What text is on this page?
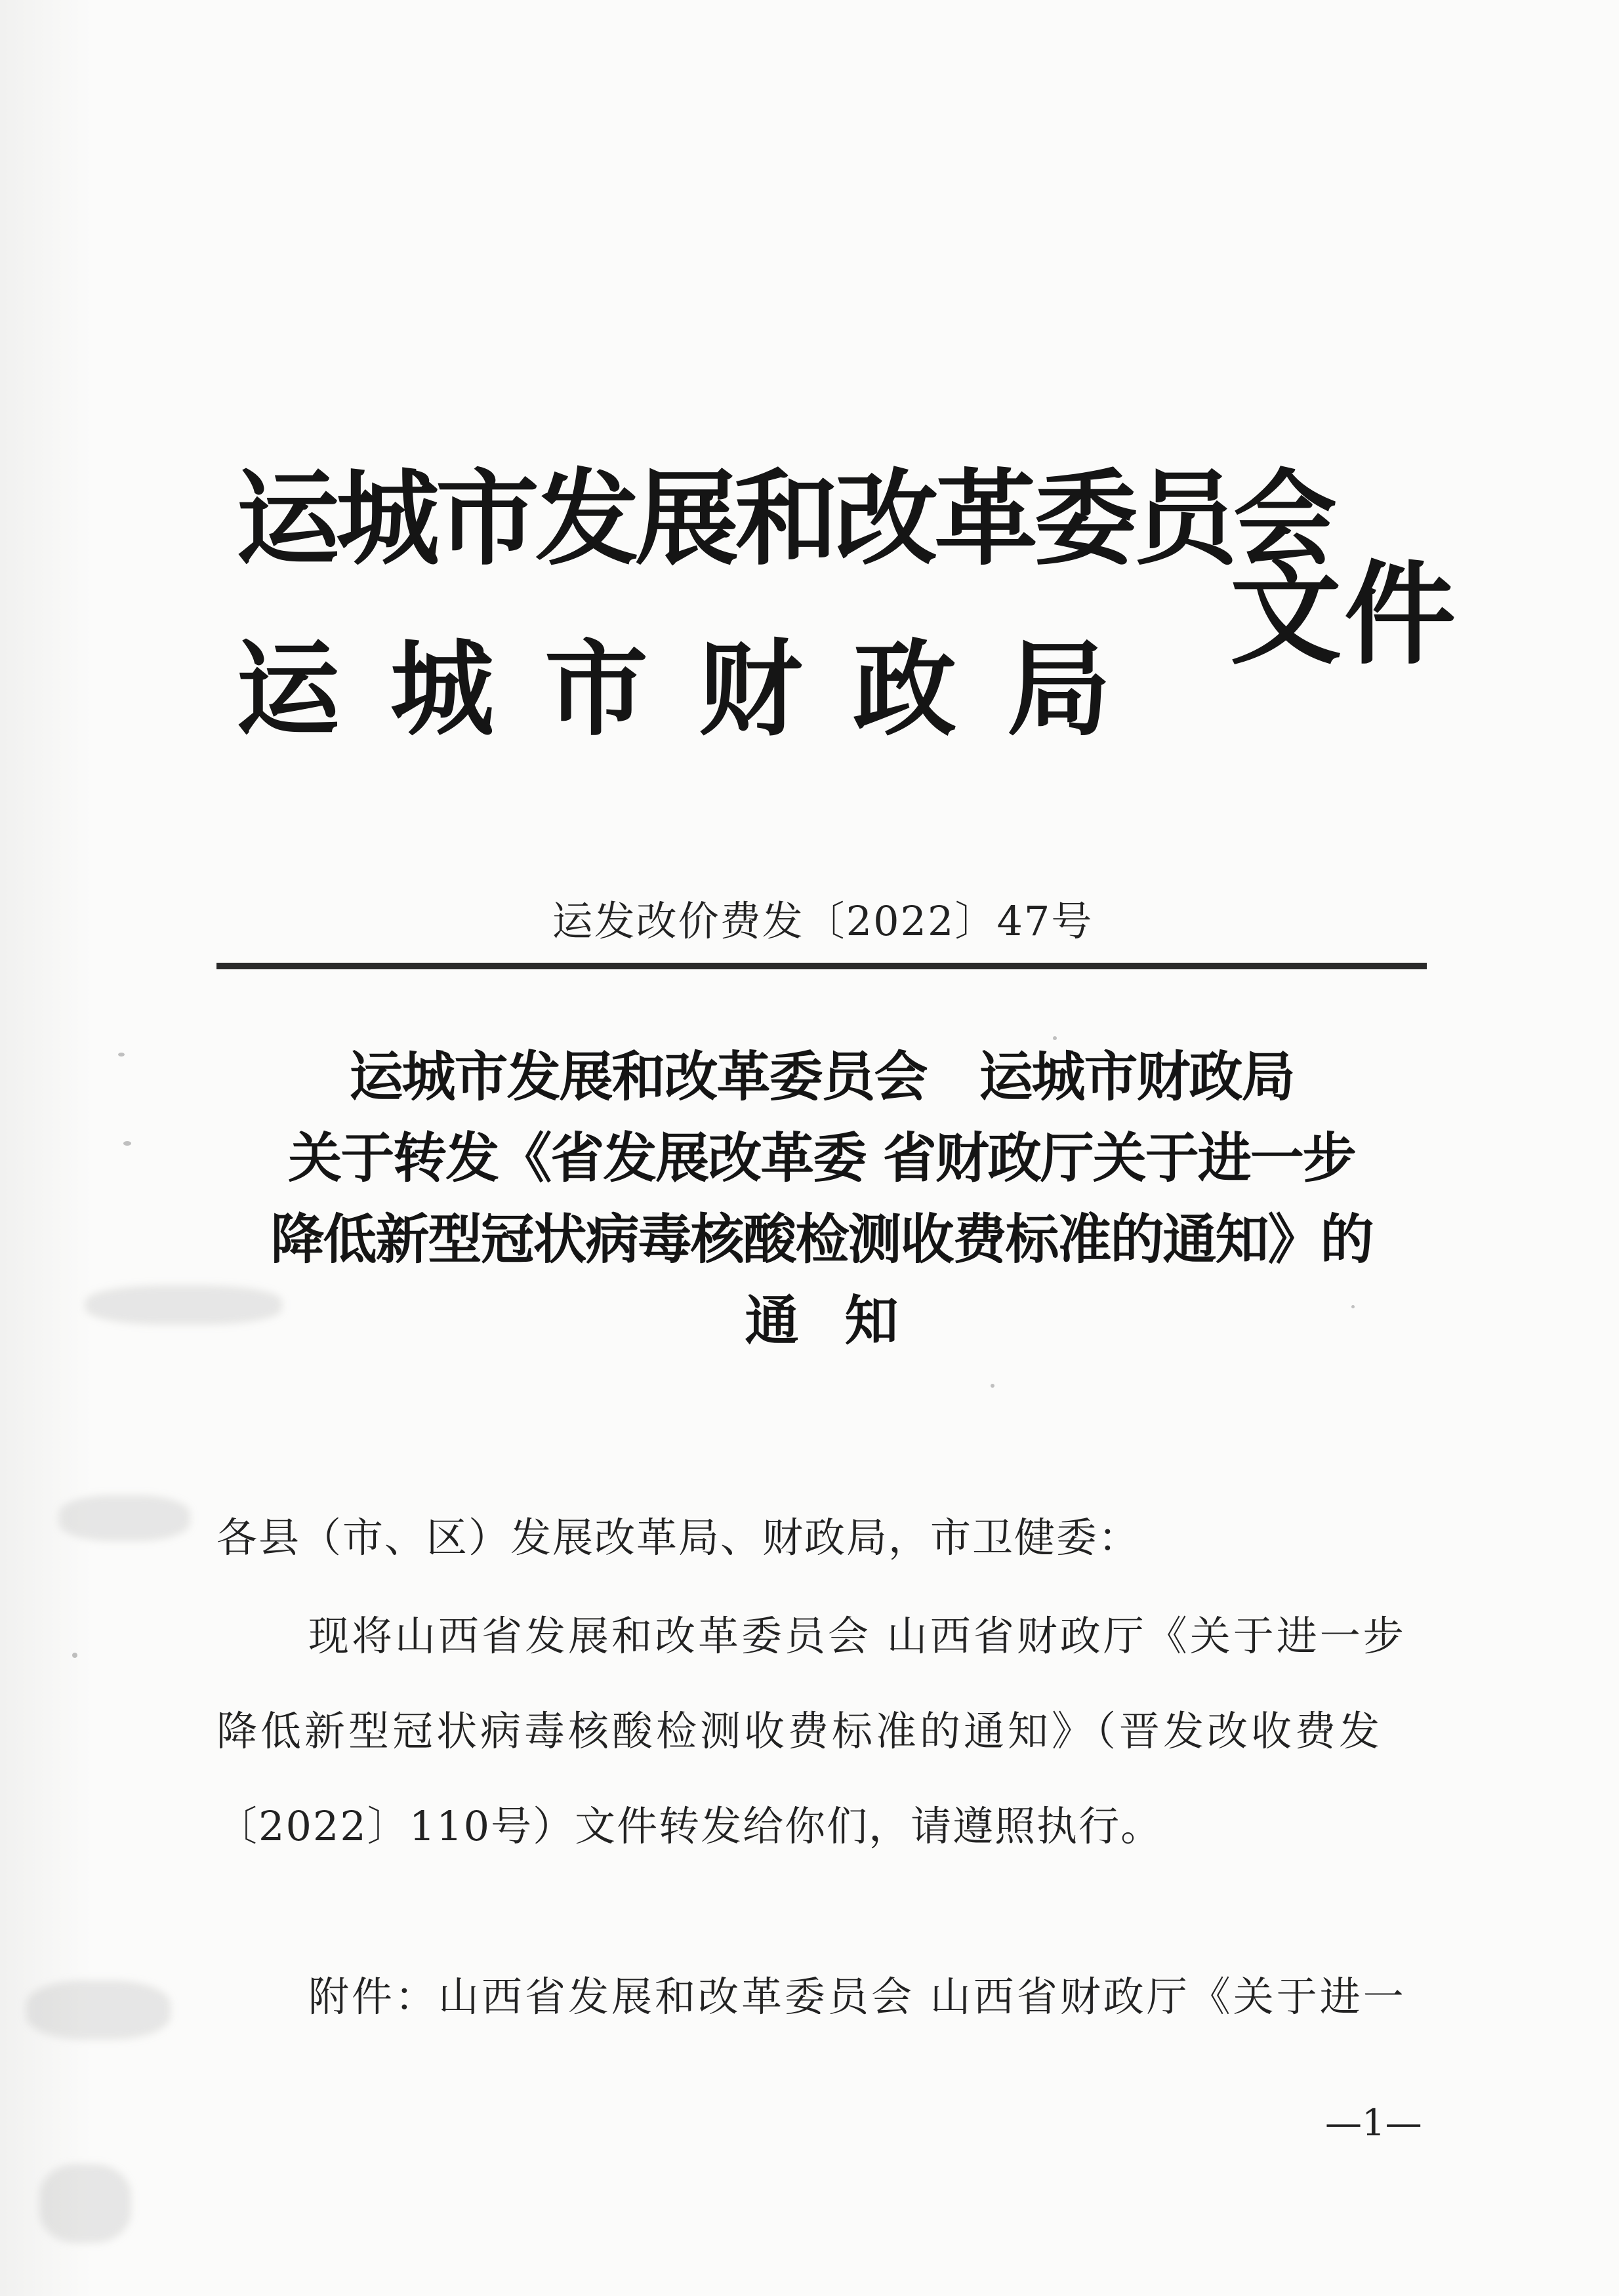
运城市发展和改革委员会
运城市财政局
文件
运发改价费发〔2022〕47号
运城市发展和改革委员会　运城市财政局
关于转发《省发展改革委 省财政厅关于进一步
降低新型冠状病毒核酸检测收费标准的通知》的
通知
各县（市、区）发展改革局、财政局，市卫健委：
现将山西省发展和改革委员会 山西省财政厅《关于进一步
降低新型冠状病毒核酸检测收费标准的通知》（晋发改收费发
〔2022〕110号）文件转发给你们，请遵照执行。
附件：山西省发展和改革委员会 山西省财政厅《关于进一
—1—
